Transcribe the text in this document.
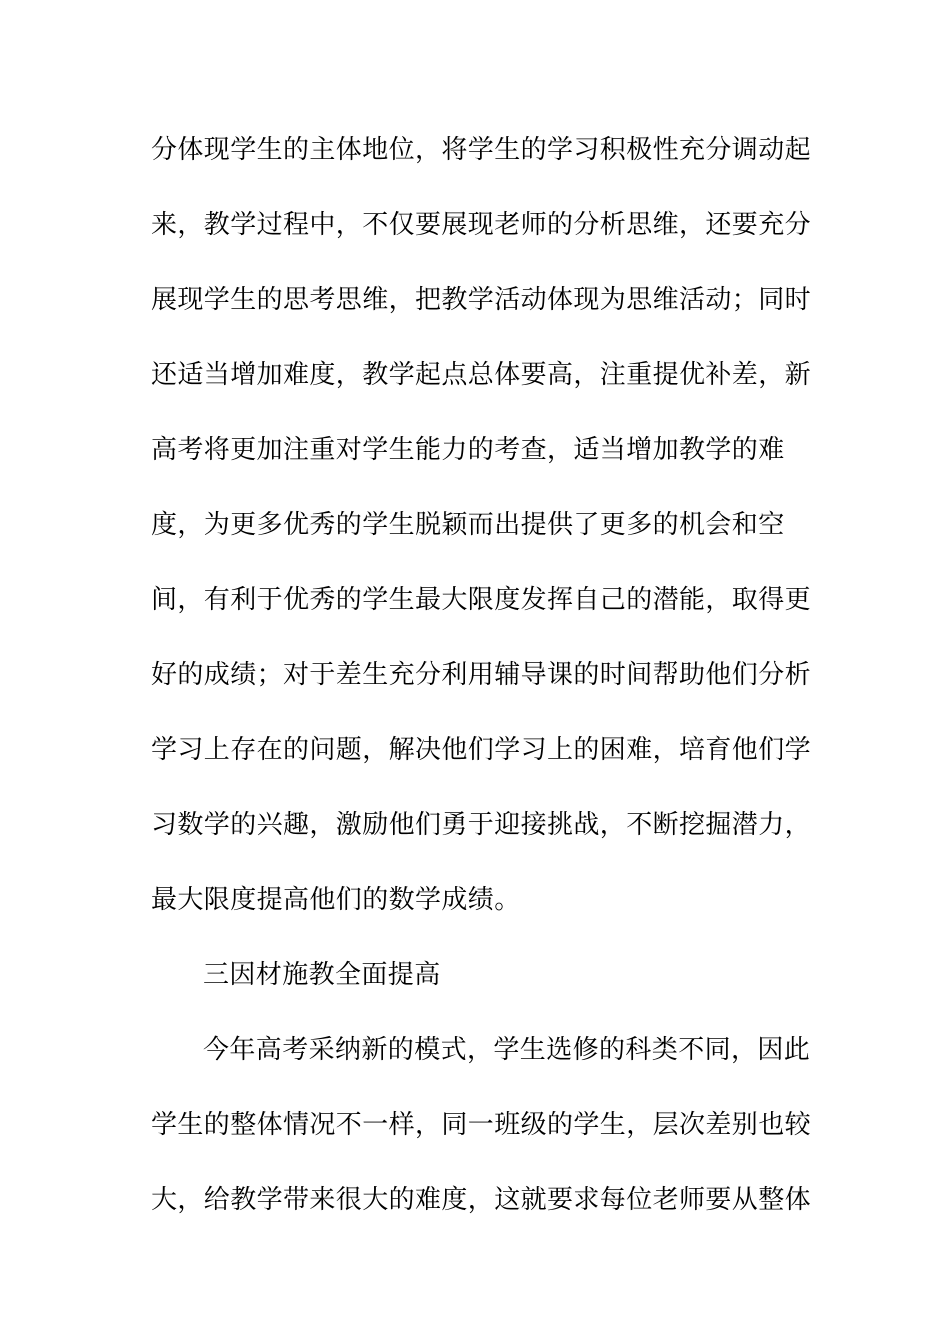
分体现学生的主体地位，将学生的学习积极性充分调动起
来，教学过程中，不仅要展现老师的分析思维，还要充分
展现学生的思考思维，把教学活动体现为思维活动；同时
还适当增加难度，教学起点总体要高，注重提优补差，新
高考将更加注重对学生能力的考查，适当增加教学的难
度，为更多优秀的学生脱颖而出提供了更多的机会和空
间，有利于优秀的学生最大限度发挥自己的潜能，取得更
好的成绩；对于差生充分利用辅导课的时间帮助他们分析
学习上存在的问题，解决他们学习上的困难，培育他们学
习数学的兴趣，激励他们勇于迎接挑战，不断挖掘潜力，
最大限度提高他们的数学成绩。
三因材施教全面提高
今年高考采纳新的模式，学生选修的科类不同，因此
学生的整体情况不一样，同一班级的学生，层次差别也较
大，给教学带来很大的难度，这就要求每位老师要从整体
